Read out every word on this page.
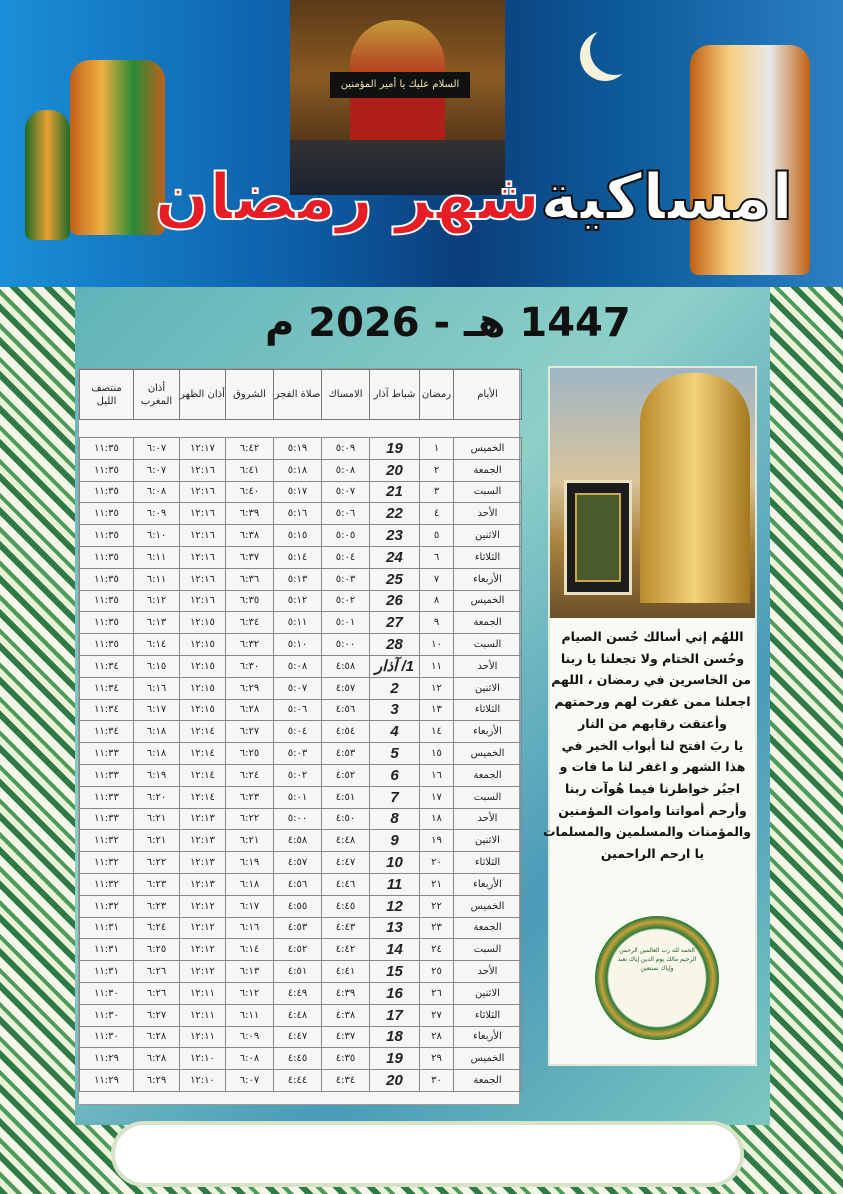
السلام عليك يا أمير المؤمنين
امساكيةشهر رمضان
1447 هـ - 2026 م
الأيام	رمضان	شباط آذار	الامساك	صلاة الفجر	الشروق	أذان الظهر	أذان المغرب	منتصف الليل

الخميس	١	19	٥:٠٩	٥:١٩	٦:٤٢	١٢:١٧	٦:٠٧	١١:٣٥
الجمعة	٢	20	٥:٠٨	٥:١٨	٦:٤١	١٢:١٦	٦:٠٧	١١:٣٥
السبت	٣	21	٥:٠٧	٥:١٧	٦:٤٠	١٢:١٦	٦:٠٨	١١:٣٥
الأحد	٤	22	٥:٠٦	٥:١٦	٦:٣٩	١٢:١٦	٦:٠٩	١١:٣٥
الاثنين	٥	23	٥:٠٥	٥:١٥	٦:٣٨	١٢:١٦	٦:١٠	١١:٣٥
الثلاثاء	٦	24	٥:٠٤	٥:١٤	٦:٣٧	١٢:١٦	٦:١١	١١:٣٥
الأربعاء	٧	25	٥:٠٣	٥:١٣	٦:٣٦	١٢:١٦	٦:١١	١١:٣٥
الخميس	٨	26	٥:٠٢	٥:١٢	٦:٣٥	١٢:١٦	٦:١٢	١١:٣٥
الجمعة	٩	27	٥:٠١	٥:١١	٦:٣٤	١٢:١٥	٦:١٣	١١:٣٥
السبت	١٠	28	٥:٠٠	٥:١٠	٦:٣٢	١٢:١٥	٦:١٤	١١:٣٥
الأحد	١١	1/ آذار	٤:٥٨	٥:٠٨	٦:٣٠	١٢:١٥	٦:١٥	١١:٣٤
الاثنين	١٢	2	٤:٥٧	٥:٠٧	٦:٢٩	١٢:١٥	٦:١٦	١١:٣٤
الثلاثاء	١٣	3	٤:٥٦	٥:٠٦	٦:٢٨	١٢:١٥	٦:١٧	١١:٣٤
الأربعاء	١٤	4	٤:٥٤	٥:٠٤	٦:٢٧	١٢:١٤	٦:١٨	١١:٣٤
الخميس	١٥	5	٤:٥٣	٥:٠٣	٦:٢٥	١٢:١٤	٦:١٨	١١:٣٣
الجمعة	١٦	6	٤:٥٢	٥:٠٢	٦:٢٤	١٢:١٤	٦:١٩	١١:٣٣
السبت	١٧	7	٤:٥١	٥:٠١	٦:٢٣	١٢:١٤	٦:٢٠	١١:٣٣
الأحد	١٨	8	٤:٥٠	٥:٠٠	٦:٢٢	١٢:١٣	٦:٢١	١١:٣٣
الاثنين	١٩	9	٤:٤٨	٤:٥٨	٦:٢١	١٢:١٣	٦:٢١	١١:٣٢
الثلاثاء	٢٠	10	٤:٤٧	٤:٥٧	٦:١٩	١٢:١٣	٦:٢٢	١١:٣٢
الأربعاء	٢١	11	٤:٤٦	٤:٥٦	٦:١٨	١٢:١٣	٦:٢٣	١١:٣٢
الخميس	٢٢	12	٤:٤٥	٤:٥٥	٦:١٧	١٢:١٢	٦:٢٣	١١:٣٢
الجمعة	٢٣	13	٤:٤٣	٤:٥٣	٦:١٦	١٢:١٢	٦:٢٤	١١:٣١
السبت	٢٤	14	٤:٤٢	٤:٥٢	٦:١٤	١٢:١٢	٦:٢٥	١١:٣١
الأحد	٢٥	15	٤:٤١	٤:٥١	٦:١٣	١٢:١٢	٦:٢٦	١١:٣١
الاثنين	٢٦	16	٤:٣٩	٤:٤٩	٦:١٢	١٢:١١	٦:٢٦	١١:٣٠
الثلاثاء	٢٧	17	٤:٣٨	٤:٤٨	٦:١١	١٢:١١	٦:٢٧	١١:٣٠
الأربعاء	٢٨	18	٤:٣٧	٤:٤٧	٦:٠٩	١٢:١١	٦:٢٨	١١:٣٠
الخميس	٢٩	19	٤:٣٥	٤:٤٥	٦:٠٨	١٢:١٠	٦:٢٨	١١:٢٩
الجمعة	٣٠	20	٤:٣٤	٤:٤٤	٦:٠٧	١٢:١٠	٦:٢٩	١١:٢٩

اللهُم إني أسالك حُسن الصيام

وحُسن الختام ولا تجعلنا يا ربنا

من الخاسرين في رمضان ، اللهم

اجعلنا ممن غفرت لهم ورحمتهم

وأعتقت رقابهم من النار

يا ربَ افتح لنا أبواب الخير في

هذا الشهر و اغفر لنا ما فات و

اجبُر خواطرنا فيما هُوآت ربنا

وأرحم أمواتنا واموات المؤمنين

والمؤمنات والمسلمين والمسلمات

يا ارحم الراحمين

الحمد لله رب العالمين الرحمن الرحيم مالك يوم الدين إياك نعبد وإياك نستعين
